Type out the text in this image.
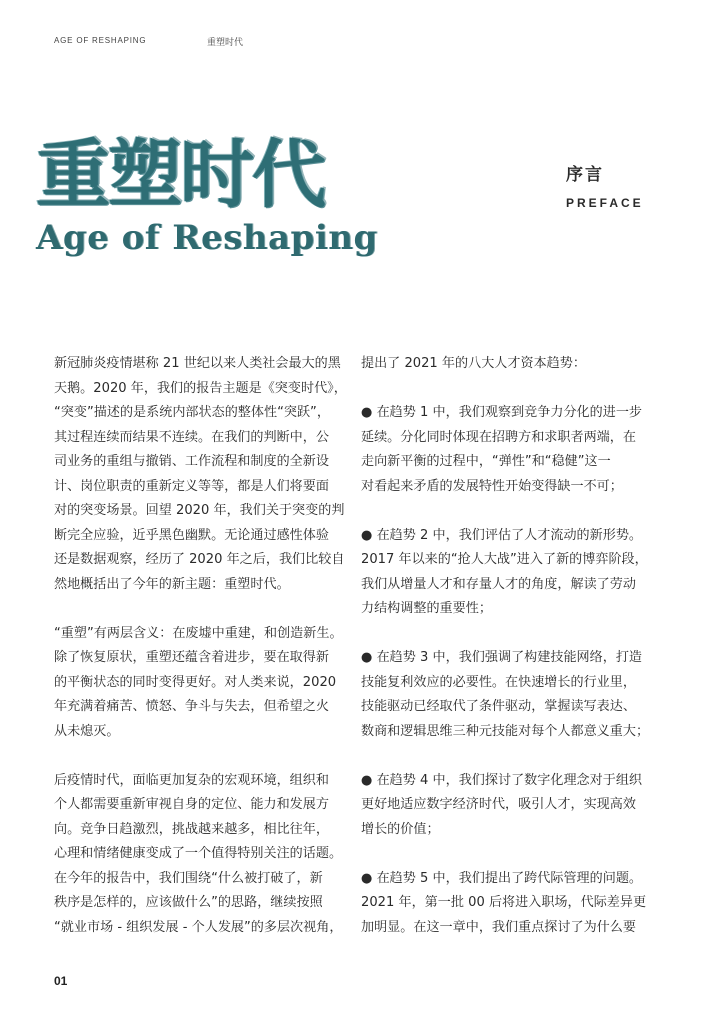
AGE OF RESHAPING	重塑时代
重塑时代
Age of Reshaping
序言
PREFACE

新冠肺炎疫情堪称 21 世纪以来人类社会最大的黑
天鹅。2020 年，我们的报告主题是《突变时代》，
“突变”描述的是系统内部状态的整体性“突跃”，
其过程连续而结果不连续。在我们的判断中，公
司业务的重组与撤销、工作流程和制度的全新设
计、岗位职责的重新定义等等，都是人们将要面
对的突变场景。回望 2020 年，我们关于突变的判
断完全应验，近乎黑色幽默。无论通过感性体验
还是数据观察，经历了 2020 年之后，我们比较自
然地概括出了今年的新主题：重塑时代。

“重塑”有两层含义：在废墟中重建，和创造新生。
除了恢复原状，重塑还蕴含着进步，要在取得新
的平衡状态的同时变得更好。对人类来说，2020
年充满着痛苦、愤怒、争斗与失去，但希望之火
从未熄灭。

后疫情时代，面临更加复杂的宏观环境，组织和
个人都需要重新审视自身的定位、能力和发展方
向。竞争日趋激烈，挑战越来越多，相比往年，
心理和情绪健康变成了一个值得特别关注的话题。
在今年的报告中，我们围绕“什么被打破了，新
秩序是怎样的，应该做什么”的思路，继续按照
“就业市场 - 组织发展 - 个人发展”的多层次视角，

提出了 2021 年的八大人才资本趋势：

● 在趋势 1 中，我们观察到竞争力分化的进一步
延续。分化同时体现在招聘方和求职者两端，在
走向新平衡的过程中，“弹性”和“稳健”这一
对看起来矛盾的发展特性开始变得缺一不可；

● 在趋势 2 中，我们评估了人才流动的新形势。
2017 年以来的“抢人大战”进入了新的博弈阶段，
我们从增量人才和存量人才的角度，解读了劳动
力结构调整的重要性；

● 在趋势 3 中，我们强调了构建技能网络，打造
技能复利效应的必要性。在快速增长的行业里，
技能驱动已经取代了条件驱动，掌握读写表达、
数商和逻辑思维三种元技能对每个人都意义重大；

● 在趋势 4 中，我们探讨了数字化理念对于组织
更好地适应数字经济时代，吸引人才，实现高效
增长的价值；

● 在趋势 5 中，我们提出了跨代际管理的问题。
2021 年，第一批 00 后将进入职场，代际差异更
加明显。在这一章中，我们重点探讨了为什么要

01
